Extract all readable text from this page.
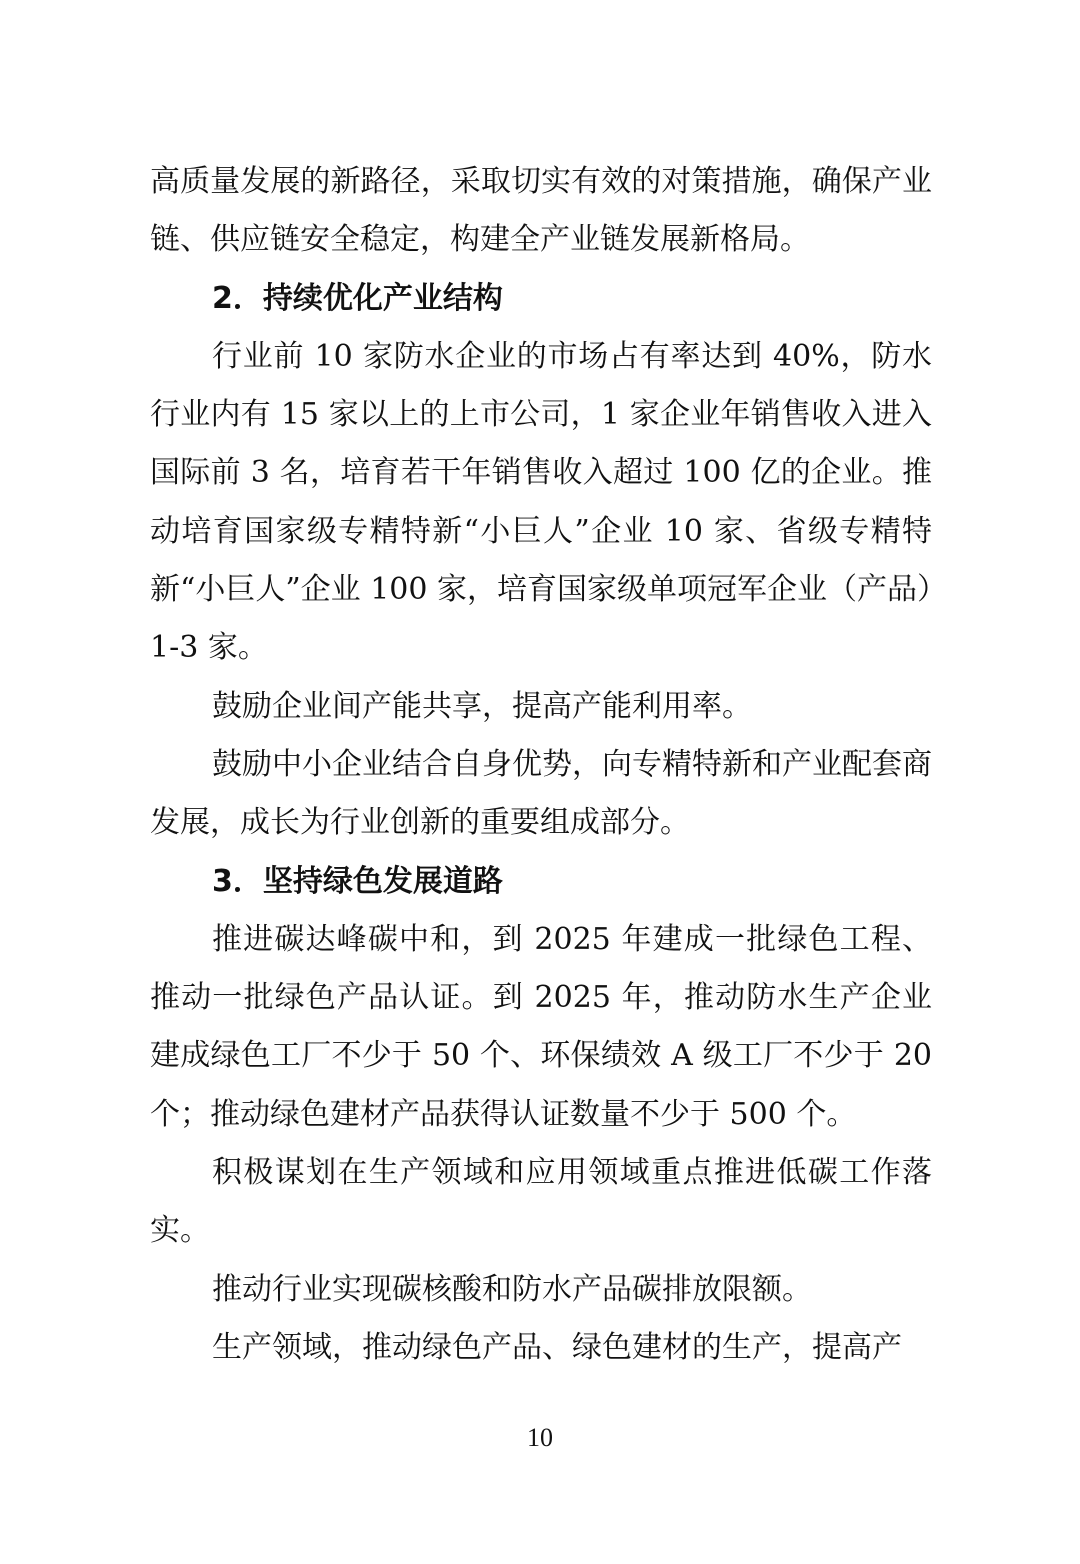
高质量发展的新路径，采取切实有效的对策措施，确保产业链、供应链安全稳定，构建全产业链发展新格局。

2．持续优化产业结构

行业前 10 家防水企业的市场占有率达到 40%，防水行业内有 15 家以上的上市公司，1 家企业年销售收入进入国际前 3 名，培育若干年销售收入超过 100 亿的企业。推动培育国家级专精特新“小巨人”企业 10 家、省级专精特新“小巨人”企业 100 家，培育国家级单项冠军企业（产品）1-3 家。

鼓励企业间产能共享，提高产能利用率。

鼓励中小企业结合自身优势，向专精特新和产业配套商发展，成长为行业创新的重要组成部分。

3．坚持绿色发展道路

推进碳达峰碳中和，到 2025 年建成一批绿色工程、推动一批绿色产品认证。到 2025 年，推动防水生产企业建成绿色工厂不少于 50 个、环保绩效 A 级工厂不少于 20 个；推动绿色建材产品获得认证数量不少于 500 个。

积极谋划在生产领域和应用领域重点推进低碳工作落实。

推动行业实现碳核酸和防水产品碳排放限额。

生产领域，推动绿色产品、绿色建材的生产，提高产

10
